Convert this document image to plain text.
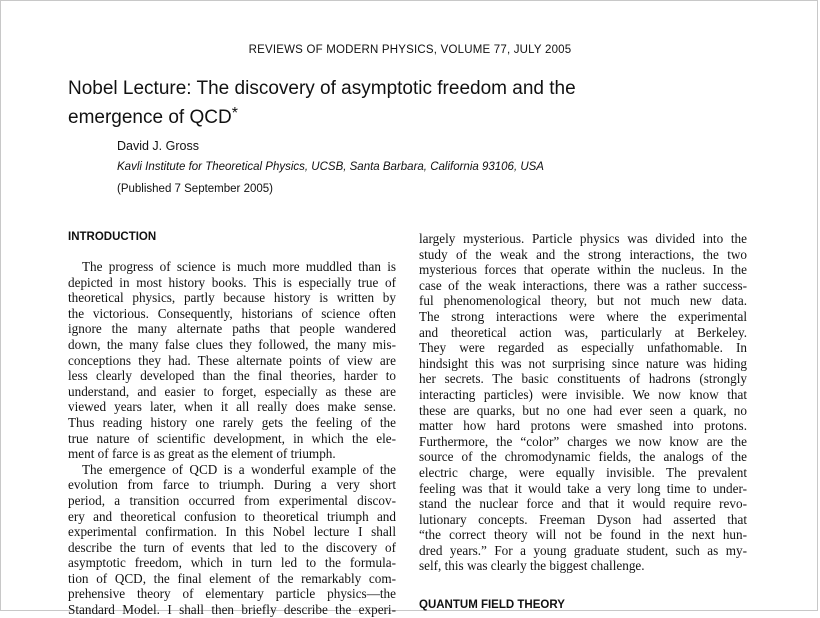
REVIEWS OF MODERN PHYSICS, VOLUME 77, JULY 2005
Nobel Lecture: The discovery of asymptotic freedom and the
emergence of QCD*
David J. Gross
Kavli Institute for Theoretical Physics, UCSB, Santa Barbara, California 93106, USA
(Published 7 September 2005)
INTRODUCTION
The progress of science is much more muddled than is
depicted in most history books. This is especially true of
theoretical physics, partly because history is written by
the victorious. Consequently, historians of science often
ignore the many alternate paths that people wandered
down, the many false clues they followed, the many mis-
conceptions they had. These alternate points of view are
less clearly developed than the final theories, harder to
understand, and easier to forget, especially as these are
viewed years later, when it all really does make sense.
Thus reading history one rarely gets the feeling of the
true nature of scientific development, in which the ele-
ment of farce is as great as the element of triumph.
The emergence of QCD is a wonderful example of the
evolution from farce to triumph. During a very short
period, a transition occurred from experimental discov-
ery and theoretical confusion to theoretical triumph and
experimental confirmation. In this Nobel lecture I shall
describe the turn of events that led to the discovery of
asymptotic freedom, which in turn led to the formula-
tion of QCD, the final element of the remarkably com-
prehensive theory of elementary particle physics—the
Standard Model. I shall then briefly describe the experi-
largely mysterious. Particle physics was divided into the
study of the weak and the strong interactions, the two
mysterious forces that operate within the nucleus. In the
case of the weak interactions, there was a rather success-
ful phenomenological theory, but not much new data.
The strong interactions were where the experimental
and theoretical action was, particularly at Berkeley.
They were regarded as especially unfathomable. In
hindsight this was not surprising since nature was hiding
her secrets. The basic constituents of hadrons (strongly
interacting particles) were invisible. We now know that
these are quarks, but no one had ever seen a quark, no
matter how hard protons were smashed into protons.
Furthermore, the “color” charges we now know are the
source of the chromodynamic fields, the analogs of the
electric charge, were equally invisible. The prevalent
feeling was that it would take a very long time to under-
stand the nuclear force and that it would require revo-
lutionary concepts. Freeman Dyson had asserted that
“the correct theory will not be found in the next hun-
dred years.” For a young graduate student, such as my-
self, this was clearly the biggest challenge.
QUANTUM FIELD THEORY
